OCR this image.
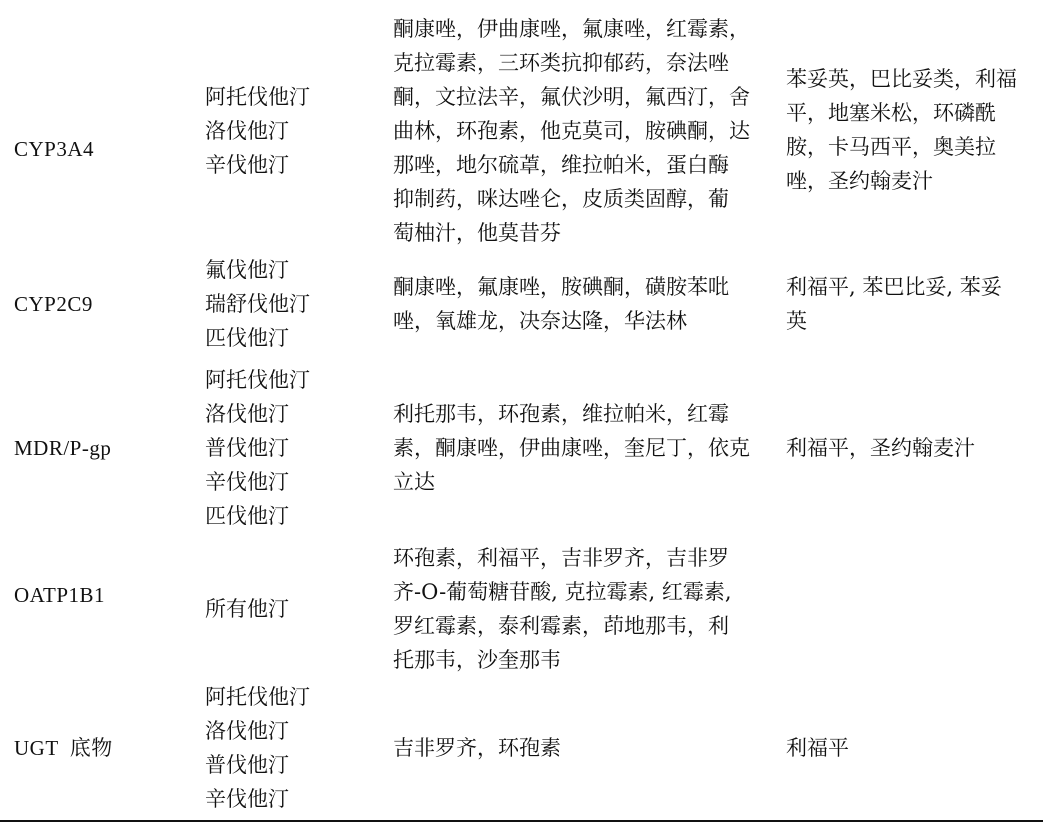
CYP3A4
阿托伐他汀
洛伐他汀
辛伐他汀
酮康唑，伊曲康唑，氟康唑，红霉素，
克拉霉素，三环类抗抑郁药，奈法唑
酮，文拉法辛，氟伏沙明，氟西汀，舍
曲林，环孢素，他克莫司，胺碘酮，达
那唑，地尔硫䓬，维拉帕米，蛋白酶
抑制药，咪达唑仑，皮质类固醇，葡
萄柚汁，他莫昔芬
苯妥英，巴比妥类，利福
平，地塞米松，环磷酰
胺，卡马西平，奥美拉
唑，圣约翰麦汁
CYP2C9
氟伐他汀
瑞舒伐他汀
匹伐他汀
酮康唑，氟康唑，胺碘酮，磺胺苯吡
唑，氧雄龙，决奈达隆，华法林
利福平, 苯巴比妥, 苯妥
英
MDR/P-gp
阿托伐他汀
洛伐他汀
普伐他汀
辛伐他汀
匹伐他汀
利托那韦，环孢素，维拉帕米，红霉
素，酮康唑，伊曲康唑，奎尼丁，依克
立达
利福平，圣约翰麦汁
OATP1B1
所有他汀
环孢素，利福平，吉非罗齐，吉非罗
齐-O-葡萄糖苷酸, 克拉霉素, 红霉素,
罗红霉素，泰利霉素，茚地那韦，利
托那韦，沙奎那韦
UGT  底物
阿托伐他汀
洛伐他汀
普伐他汀
辛伐他汀
吉非罗齐，环孢素	利福平
